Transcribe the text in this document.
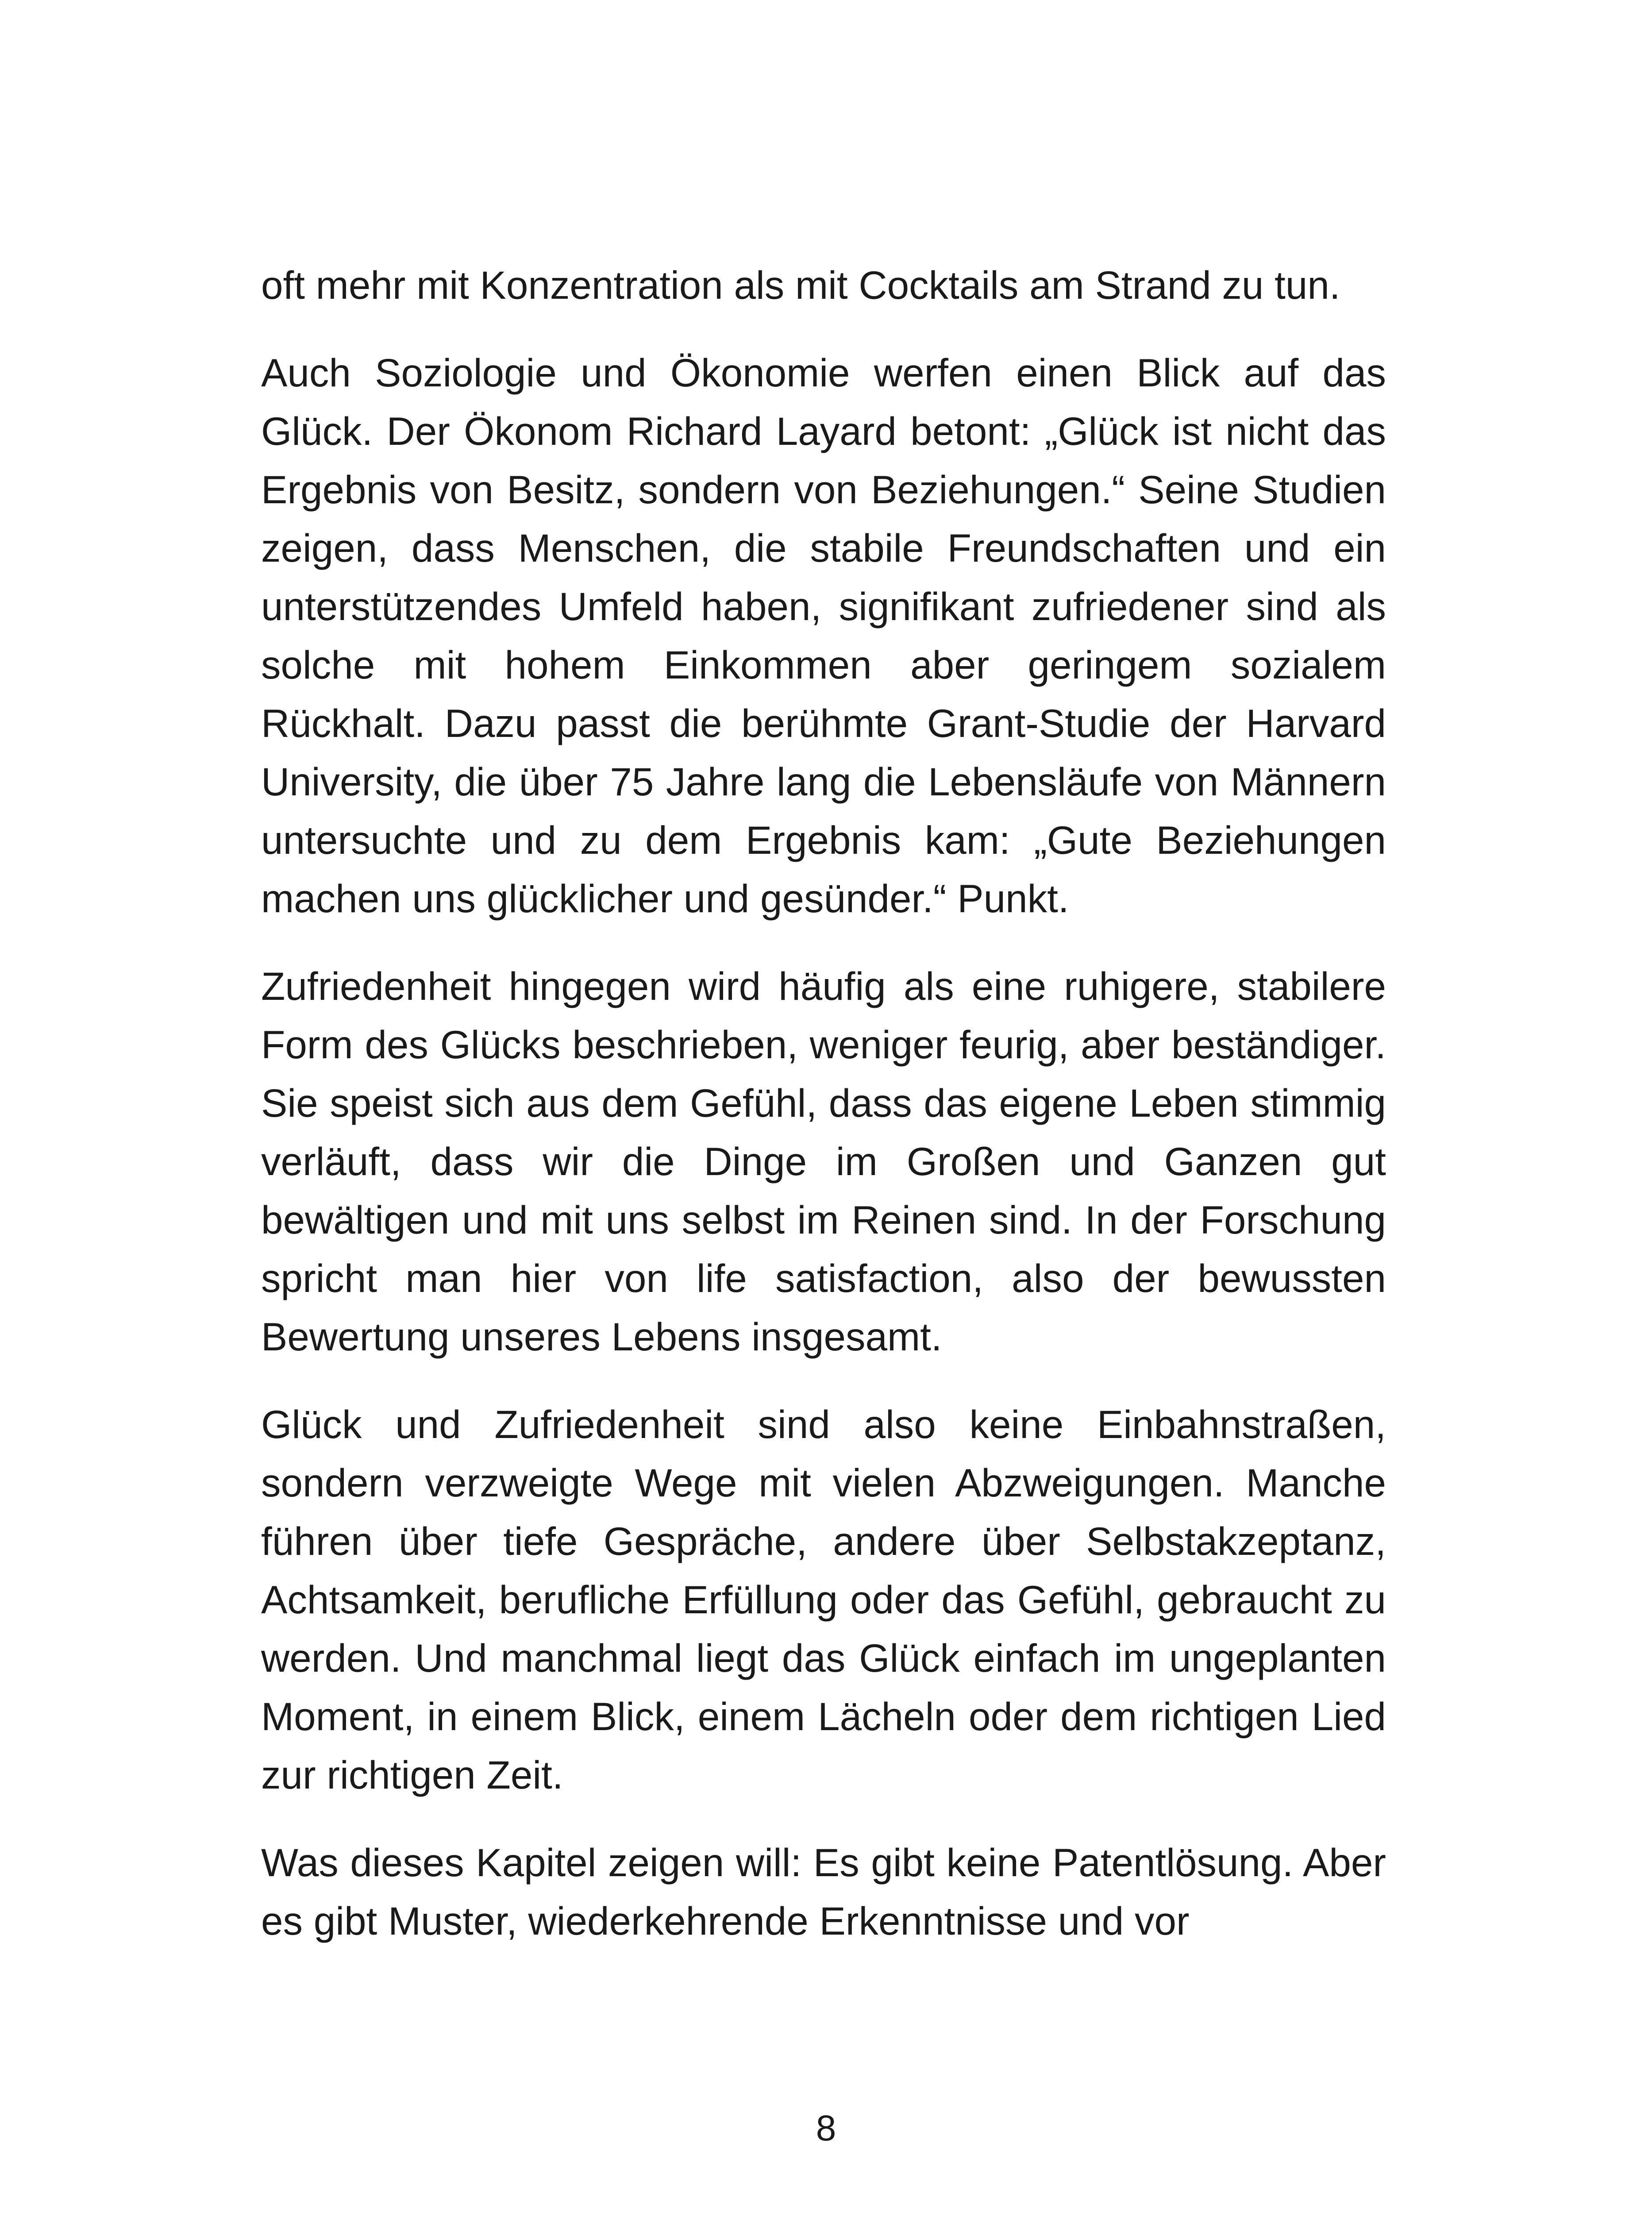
oft mehr mit Konzentration als mit Cocktails am Strand zu tun.

Auch Soziologie und Ökonomie werfen einen Blick auf das Glück. Der Ökonom Richard Layard betont: „Glück ist nicht das Ergebnis von Besitz, sondern von Beziehungen.“ Seine Studien zeigen, dass Menschen, die stabile Freundschaften und ein unterstützendes Umfeld haben, signifikant zufriedener sind als solche mit hohem Einkommen aber geringem sozialem Rückhalt. Dazu passt die berühmte Grant-Studie der Harvard University, die über 75 Jahre lang die Lebensläufe von Männern untersuchte und zu dem Ergebnis kam: „Gute Beziehungen machen uns glücklicher und gesünder.“ Punkt.

Zufriedenheit hingegen wird häufig als eine ruhigere, stabilere Form des Glücks beschrieben, weniger feurig, aber beständiger. Sie speist sich aus dem Gefühl, dass das eigene Leben stimmig verläuft, dass wir die Dinge im Großen und Ganzen gut bewältigen und mit uns selbst im Reinen sind. In der Forschung spricht man hier von life satisfaction, also der bewussten Bewertung unseres Lebens insgesamt.

Glück und Zufriedenheit sind also keine Einbahnstraßen, sondern verzweigte Wege mit vielen Abzweigungen. Manche führen über tiefe Gespräche, andere über Selbstakzeptanz, Achtsamkeit, berufliche Erfüllung oder das Gefühl, gebraucht zu werden. Und manchmal liegt das Glück einfach im ungeplanten Moment, in einem Blick, einem Lächeln oder dem richtigen Lied zur richtigen Zeit.

Was dieses Kapitel zeigen will: Es gibt keine Patentlösung. Aber es gibt Muster, wiederkehrende Erkenntnisse und vor

8
